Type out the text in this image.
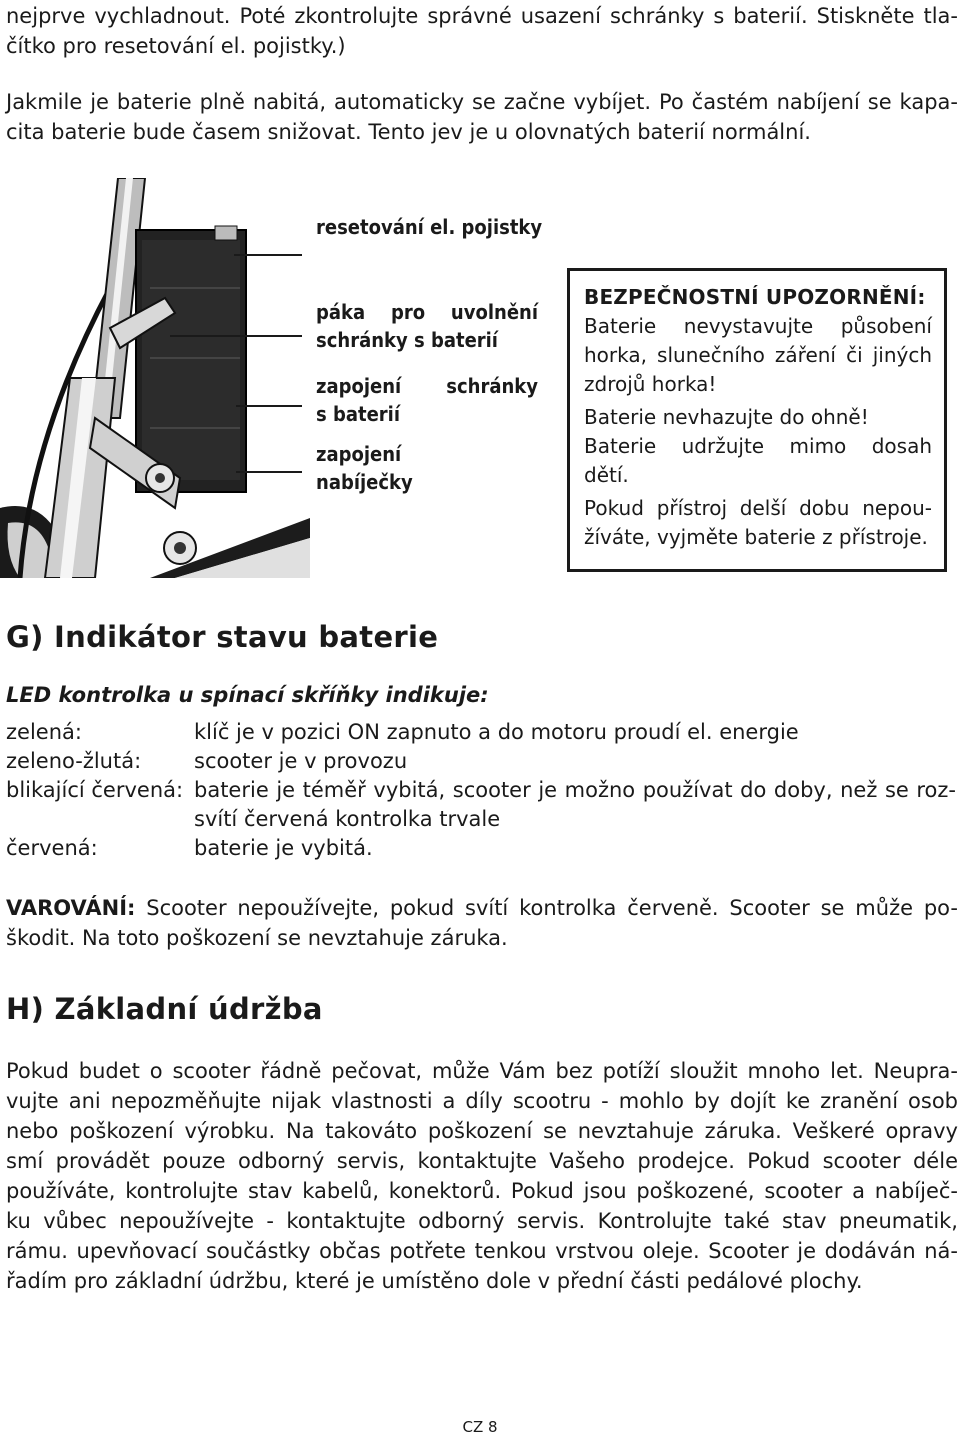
nejprve vychladnout. Poté zkontrolujte správné usazení schránky s baterií. Stiskněte tla-
čítko pro resetování el. pojistky.)
Jakmile je baterie plně nabitá, automaticky se začne vybíjet. Po častém nabíjení se kapa-
cita baterie bude časem snižovat. Tento jev je u olovnatých baterií normální.
resetování el. pojistky
páka pro uvolnění
schránky s baterií
zapojení schránky
s baterií
zapojení
nabíječky
BEZPEČNOSTNÍ UPOZORNĚNÍ:
Baterie nevystavujte působení
horka, slunečního záření či jiných
zdrojů horka!
Baterie nevhazujte do ohně!
Baterie udržujte mimo dosah
dětí.
Pokud přístroj delší dobu nepou-
žíváte, vyjměte baterie z přístroje.
G) Indikátor stavu baterie
LED kontrolka u spínací skříňky indikuje:
zelená:	klíč je v pozici ON zapnuto a do motoru proudí el. energie
zeleno-žlutá:	scooter je v provozu
blikající červená: baterie je téměř vybitá, scooter je možno používat do doby, než se roz-
svítí červená kontrolka trvale
červená:	baterie je vybitá.
VAROVÁNÍ: Scooter nepoužívejte, pokud svítí kontrolka červeně. Scooter se může po-
škodit. Na toto poškození se nevztahuje záruka.
H) Základní údržba
Pokud budet o scooter řádně pečovat, může Vám bez potíží sloužit mnoho let. Neupra-
vujte ani nepozměňujte nijak vlastnosti a díly scootru - mohlo by dojít ke zranění osob
nebo poškození výrobku. Na takováto poškození se nevztahuje záruka. Veškeré opravy
smí provádět pouze odborný servis, kontaktujte Vašeho prodejce. Pokud scooter déle
používáte, kontrolujte stav kabelů, konektorů. Pokud jsou poškozené, scooter a nabíječ-
ku vůbec nepoužívejte - kontaktujte odborný servis. Kontrolujte také stav pneumatik,
rámu. upevňovací součástky občas potřete tenkou vrstvou oleje. Scooter je dodáván ná-
řadím pro základní údržbu, které je umístěno dole v přední části pedálové plochy.
CZ 8
